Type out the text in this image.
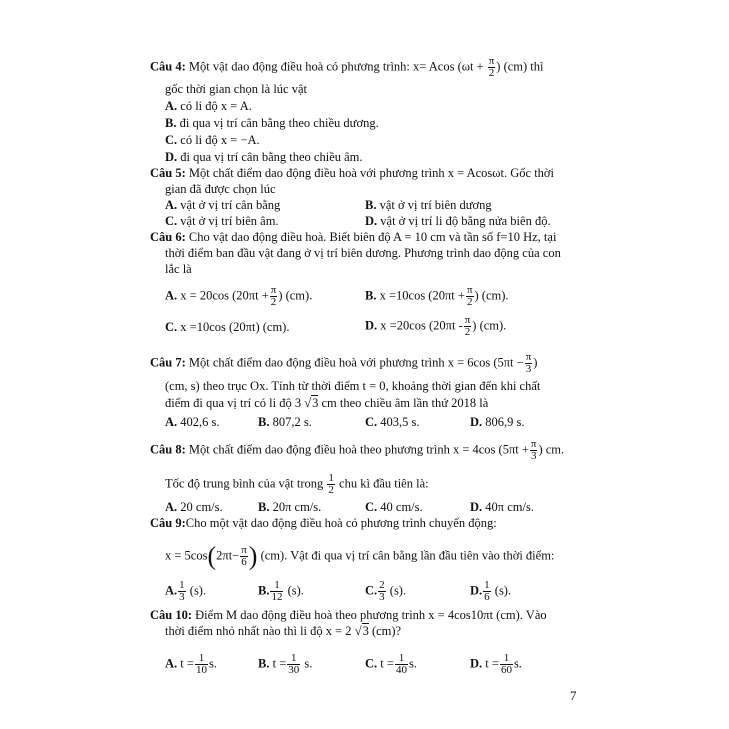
Câu 4: Một vật dao động điều hoà có phương trình: x= Acos ($\omega t + \frac{\pi}{2}$ ) (cm) thì
gốc thời gian chọn là lúc vật
A. có li độ x = A.
B. đi qua vị trí cân bằng theo chiều dương.
C. có li độ x = −A.
D. đi qua vị trí cân bằng theo chiều âm.
Câu 5: Một chất điểm dao động điều hoà với phương trình x = Acosωt. Gốc thời
gian đã được chọn lúc
A. vật ở vị trí cân bằng	B. vật ở vị trí biên dương
C. vật ở vị trí biên âm.	D. vật ở vị trí li độ bằng nửa biên độ.
Câu 6: Cho vật dao động điều hoà. Biết biên độ A = 10 cm và tần số f=10 Hz, tại
thời điểm ban đầu vật đang ở vị trí biên dương. Phương trình dao động của con
lắc là
A. x = 20cos ($20\pi t + \frac{\pi}{2}$ ) (cm).	B. x =10cos ($20\pi t + \frac{\pi}{2}$ ) (cm).
C. x =10cos (20πt) (cm).	D. x =20cos ($20\pi t - \frac{\pi}{2}$ ) (cm).
Câu 7: Một chất điểm dao động điều hoà với phương trình x = 6cos ($5\pi t - \frac{\pi}{3}$ )
(cm, s) theo trục Ox. Tính từ thời điểm t = 0, khoảng thời gian đến khi chất
điểm đi qua vị trí có li độ 3 √3 cm theo chiều âm lần thứ 2018 là
A. 402,6 s.	B. 807,2 s.	C. 403,5 s.	D. 806,9 s.
Câu 8: Một chất điểm dao động điều hoà theo phương trình x = 4cos ($5\pi t + \frac{\pi}{3}$ ) cm.
Tốc độ trung bình của vật trong $\frac{1}{2}$ chu kì đầu tiên là:
A. 20 cm/s.	B. 20π cm/s.	C. 40 cm/s.	D. 40π cm/s.
Câu 9:Cho một vật dao động điều hoà có phương trình chuyển động:
$x = 5\cos(2\pi t- \frac{\pi}{6}$ ) (cm). Vật đi qua vị trí cân bằng lần đầu tiên vào thời điểm:
A. $\frac{1}{3} (s)$.	B. $\frac{1}{12} (s)$.	C. $\frac{2}{3} (s)$.	D. $\frac{1}{6} (s)$.
Câu 10: Điểm M dao động điều hoà theo phương trình x = 4cos10πt (cm). Vào
thời điểm nhỏ nhất nào thì li độ x = 2 √3 (cm)?
A. $t = \frac{1}{10} s$.	B. $t = \frac{1}{30} s$.	C. $t = \frac{1}{40} s$.	D. $t = \frac{1}{60} s$.
7
